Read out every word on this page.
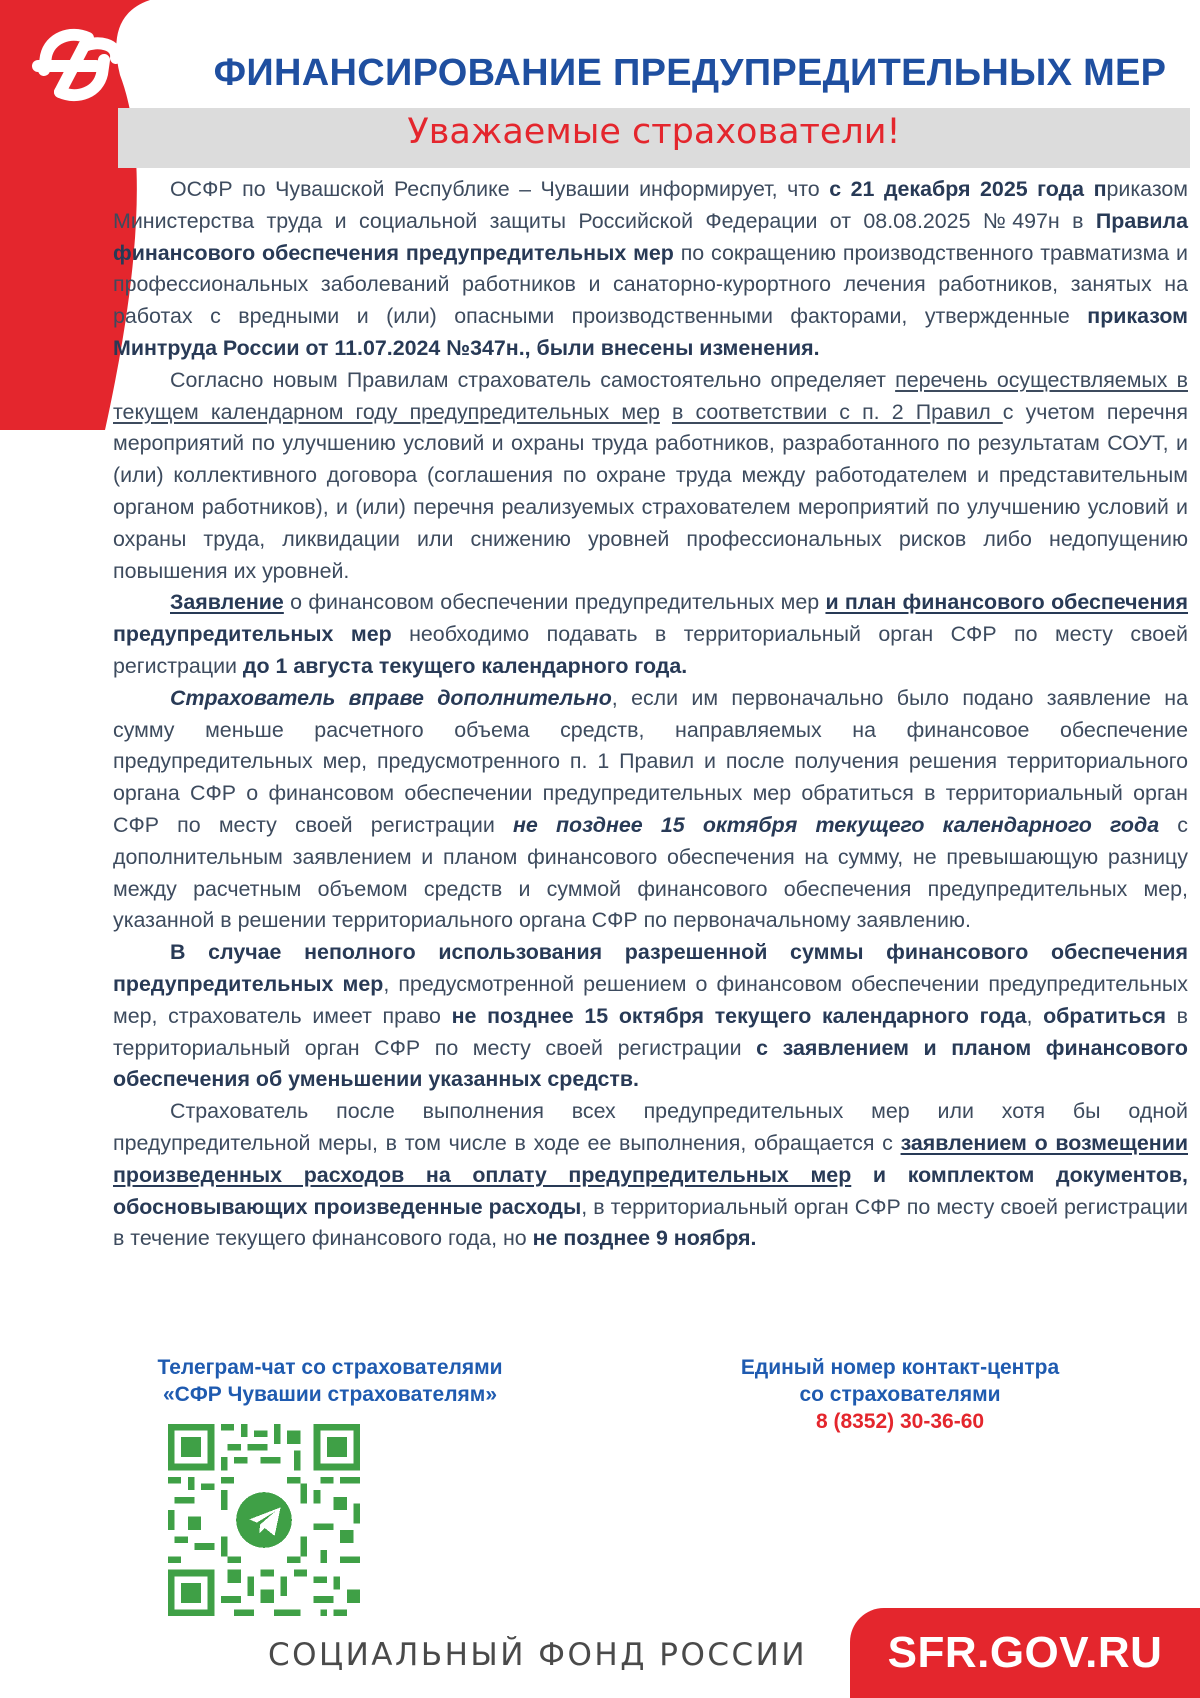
ФИНАНСИРОВАНИЕ ПРЕДУПРЕДИТЕЛЬНЫХ МЕР
Уважаемые страхователи!

ОСФР по Чувашской Республике – Чувашии информирует, что с 21 декабря 2025 года приказом Министерства труда и социальной защиты Российской Федерации от 08.08.2025 №497н в Правила финансового обеспечения предупредительных мер по сокращению производственного травматизма и профессиональных заболеваний работников и санаторно-курортного лечения работников, занятых на работах с вредными и (или) опасными производственными факторами, утвержденные приказом Минтруда России от 11.07.2024 №347н., были внесены изменения.

Согласно новым Правилам страхователь самостоятельно определяет перечень осуществляемых в текущем календарном году предупредительных мер в соответствии с п. 2 Правил с учетом перечня мероприятий по улучшению условий и охраны труда работников, разработанного по результатам СОУТ, и (или) коллективного договора (соглашения по охране труда между работодателем и представительным органом работников), и (или) перечня реализуемых страхователем мероприятий по улучшению условий и охраны труда, ликвидации или снижению уровней профессиональных рисков либо недопущению повышения их уровней.

Заявление о финансовом обеспечении предупредительных мер и план финансового обеспечения предупредительных мер необходимо подавать в территориальный орган СФР по месту своей регистрации до 1 августа текущего календарного года.

Страхователь вправе дополнительно, если им первоначально было подано заявление на сумму меньше расчетного объема средств, направляемых на финансовое обеспечение предупредительных мер, предусмотренного п. 1 Правил и после получения решения территориального органа СФР о финансовом обеспечении предупредительных мер обратиться в территориальный орган СФР по месту своей регистрации не позднее 15 октября текущего календарного года с дополнительным заявлением и планом финансового обеспечения на сумму, не превышающую разницу между расчетным объемом средств и суммой финансового обеспечения предупредительных мер, указанной в решении территориального органа СФР по первоначальному заявлению.

В случае неполного использования разрешенной суммы финансового обеспечения предупредительных мер, предусмотренной решением о финансовом обеспечении предупредительных мер, страхователь имеет право не позднее 15 октября текущего календарного года, обратиться в территориальный орган СФР по месту своей регистрации с заявлением и планом финансового обеспечения об уменьшении указанных средств.

Страхователь после выполнения всех предупредительных мер или хотя бы одной предупредительной меры, в том числе в ходе ее выполнения, обращается с заявлением о возмещении произведенных расходов на оплату предупредительных мер и комплектом документов, обосновывающих произведенные расходы, в территориальный орган СФР по месту своей регистрации в течение текущего финансового года, но не позднее 9 ноября.

Телеграм-чат со страхователями
«СФР Чувашии страхователям»
Единый номер контакт-центра
со страхователями
8 (8352) 30-36-60
СОЦИАЛЬНЫЙ ФОНД РОССИИ	SFR.GOV.RU
